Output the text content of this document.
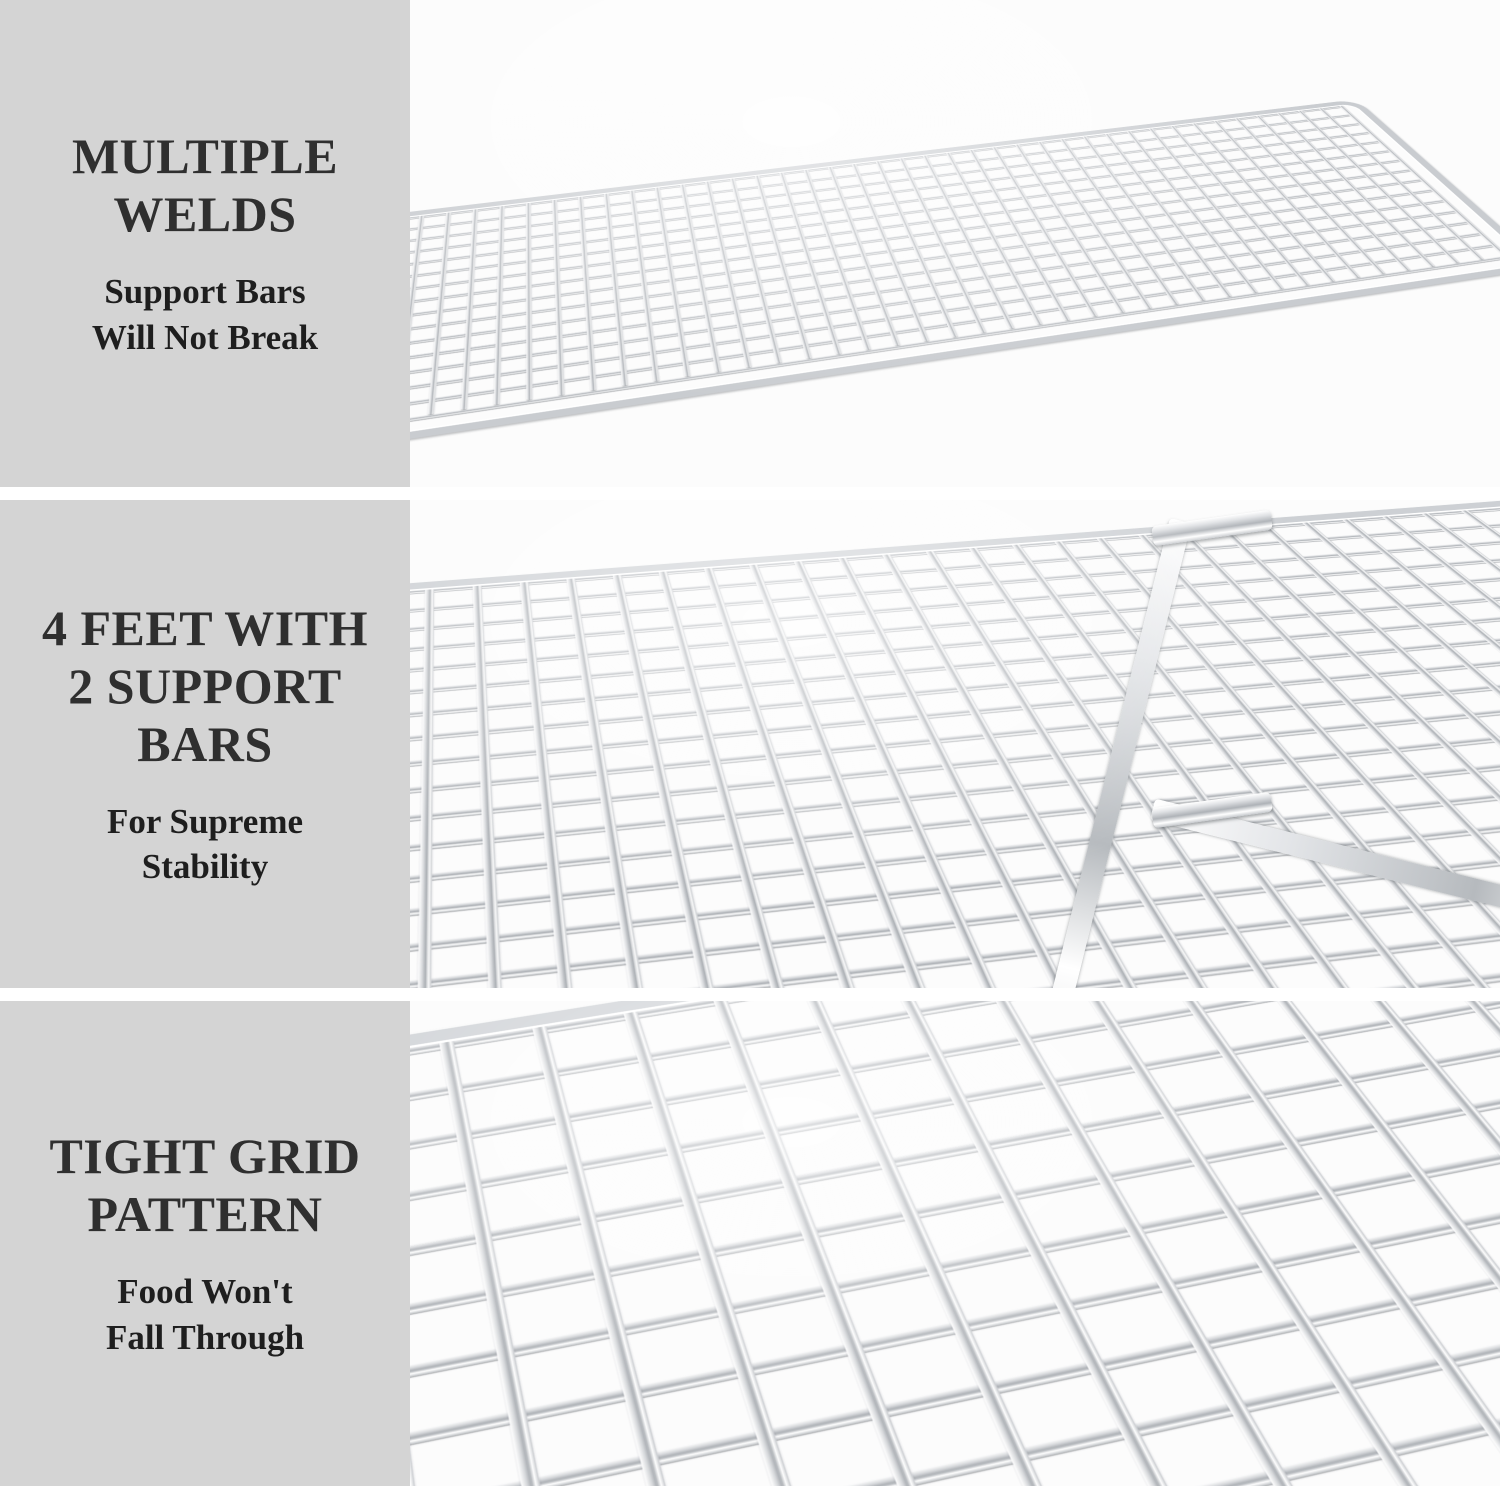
MULTIPLE WELDS
Support Bars
Will Not Break
4 FEET WITH
2 SUPPORT
BARS
For Supreme
Stability
TIGHT GRID
PATTERN
Food Won't
Fall Through
